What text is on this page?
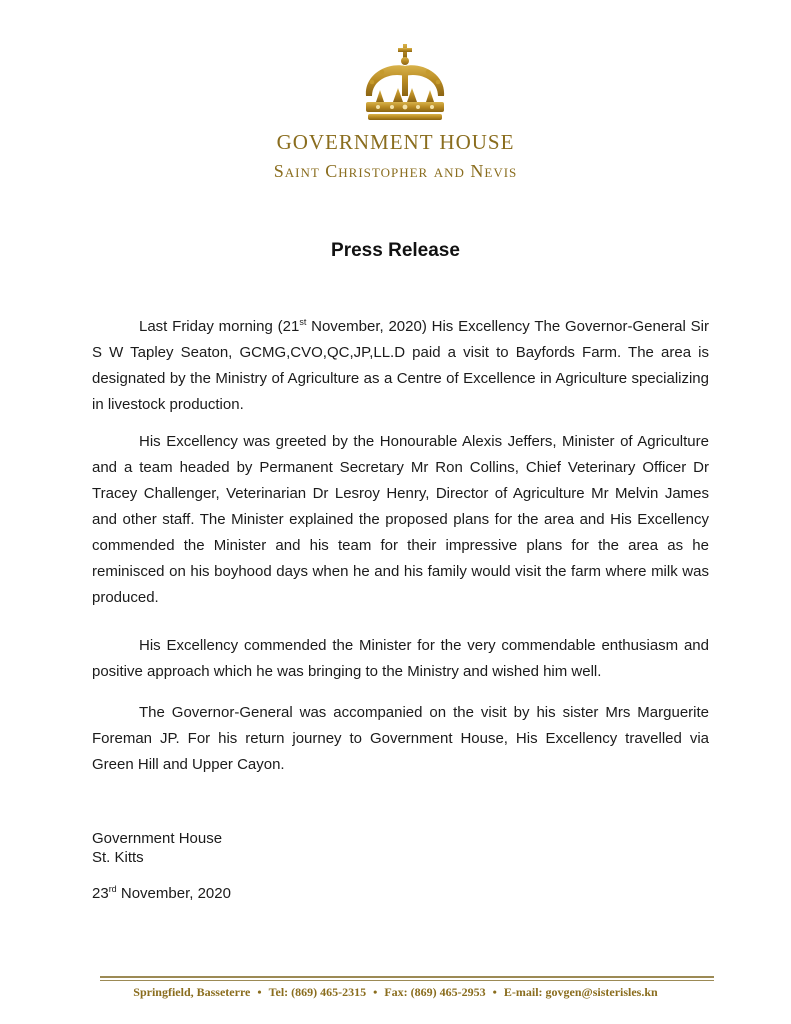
GOVERNMENT HOUSE
Saint Christopher and Nevis
Press Release

Last Friday morning (21st November, 2020) His Excellency The Governor-General Sir S W Tapley Seaton, GCMG,CVO,QC,JP,LL.D paid a visit to Bayfords Farm. The area is designated by the Ministry of Agriculture as a Centre of Excellence in Agriculture specializing in livestock production.

His Excellency was greeted by the Honourable Alexis Jeffers, Minister of Agriculture and a team headed by Permanent Secretary Mr Ron Collins, Chief Veterinary Officer Dr Tracey Challenger, Veterinarian Dr Lesroy Henry, Director of Agriculture Mr Melvin James and other staff. The Minister explained the proposed plans for the area and His Excellency commended the Minister and his team for their impressive plans for the area as he reminisced on his boyhood days when he and his family would visit the farm where milk was produced.

His Excellency commended the Minister for the very commendable enthusiasm and positive approach which he was bringing to the Ministry and wished him well.

The Governor-General was accompanied on the visit by his sister Mrs Marguerite Foreman JP. For his return journey to Government House, His Excellency travelled via Green Hill and Upper Cayon.

Government House
St. Kitts
23rd November, 2020
Springfield, Basseterre • Tel: (869) 465-2315 • Fax: (869) 465-2953 • E-mail: govgen@sisterisles.kn
